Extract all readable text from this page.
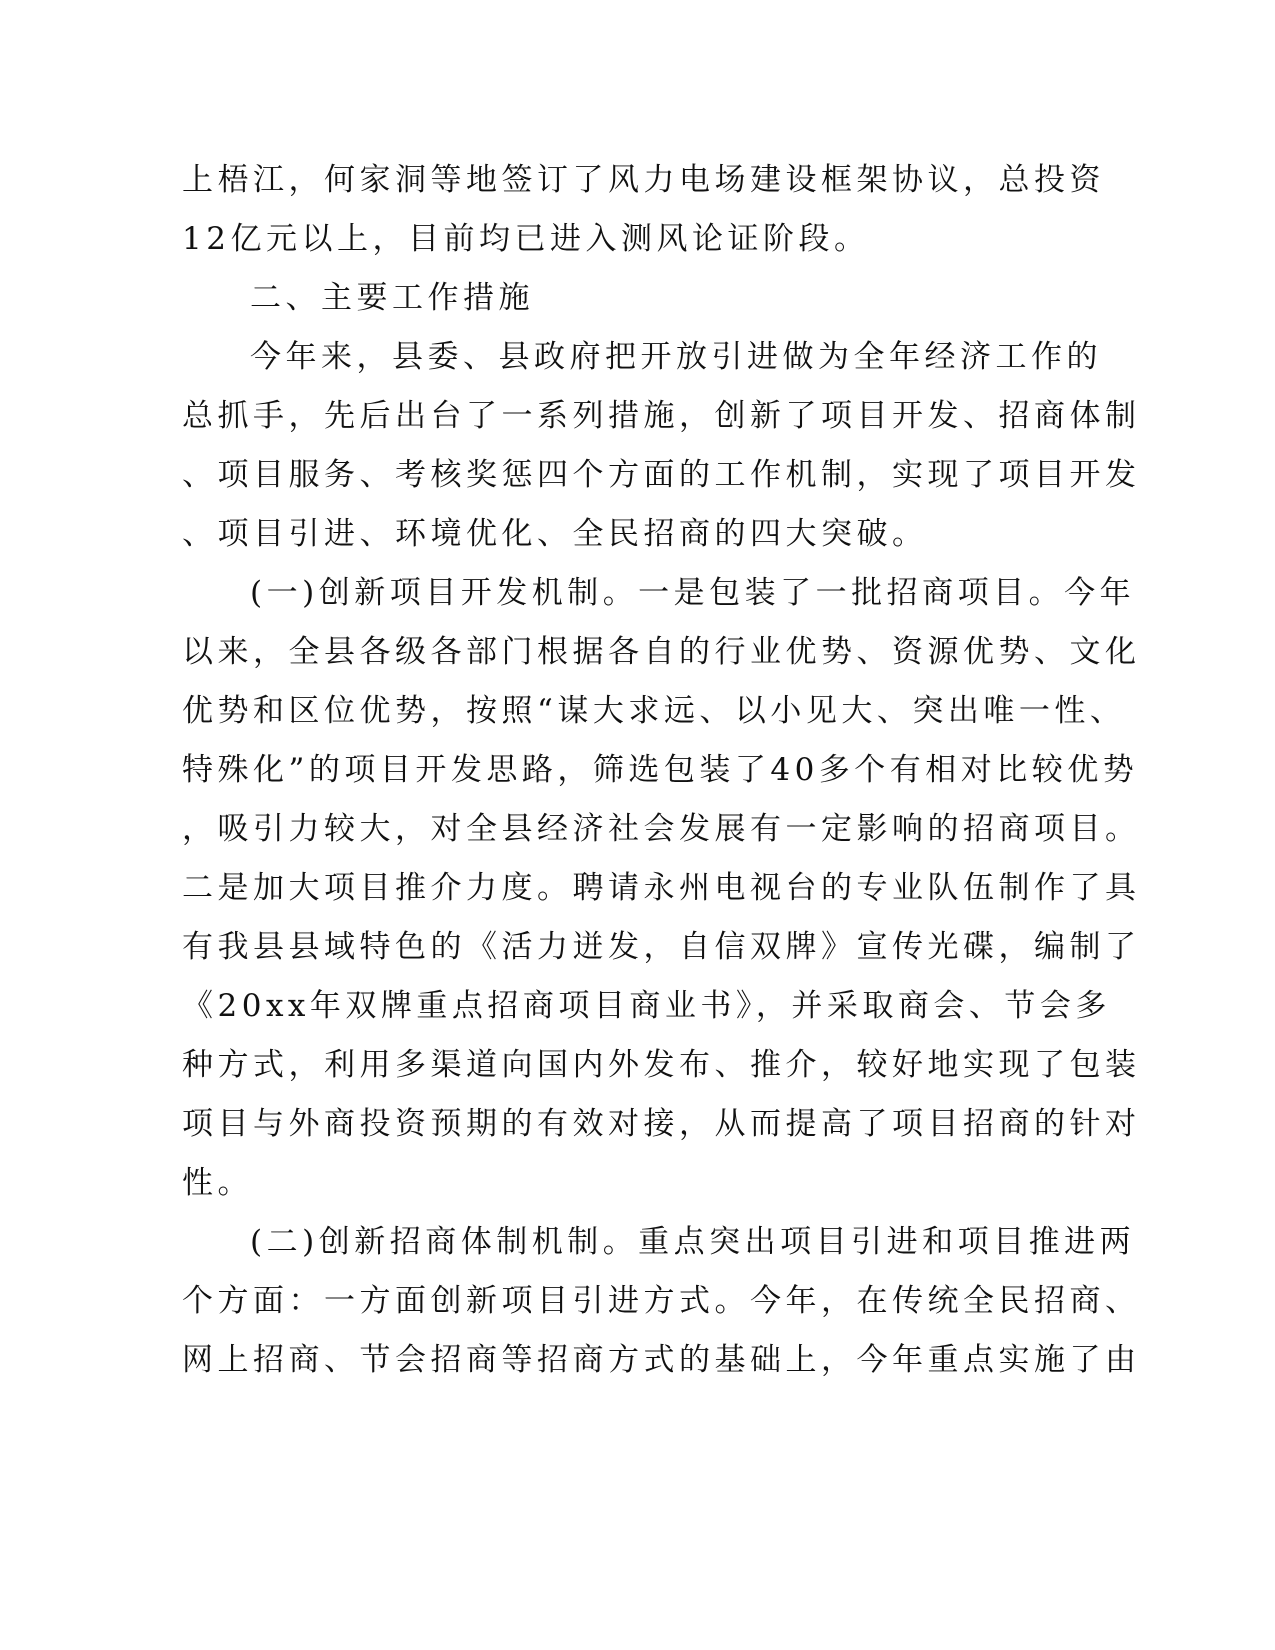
上梧江，何家洞等地签订了风力电场建设框架协议，总投资
12亿元以上，目前均已进入测风论证阶段。
二、主要工作措施
今年来，县委、县政府把开放引进做为全年经济工作的
总抓手，先后出台了一系列措施，创新了项目开发、招商体制
、项目服务、考核奖惩四个方面的工作机制，实现了项目开发
、项目引进、环境优化、全民招商的四大突破。
(一)创新项目开发机制。一是包装了一批招商项目。今年
以来，全县各级各部门根据各自的行业优势、资源优势、文化
优势和区位优势，按照“谋大求远、以小见大、突出唯一性、
特殊化”的项目开发思路，筛选包装了40多个有相对比较优势
，吸引力较大，对全县经济社会发展有一定影响的招商项目。
二是加大项目推介力度。聘请永州电视台的专业队伍制作了具
有我县县域特色的《活力迸发，自信双牌》宣传光碟，编制了
《20xx年双牌重点招商项目商业书》，并采取商会、节会多
种方式，利用多渠道向国内外发布、推介，较好地实现了包装
项目与外商投资预期的有效对接，从而提高了项目招商的针对
性。
(二)创新招商体制机制。重点突出项目引进和项目推进两
个方面：一方面创新项目引进方式。今年，在传统全民招商、
网上招商、节会招商等招商方式的基础上，今年重点实施了由
